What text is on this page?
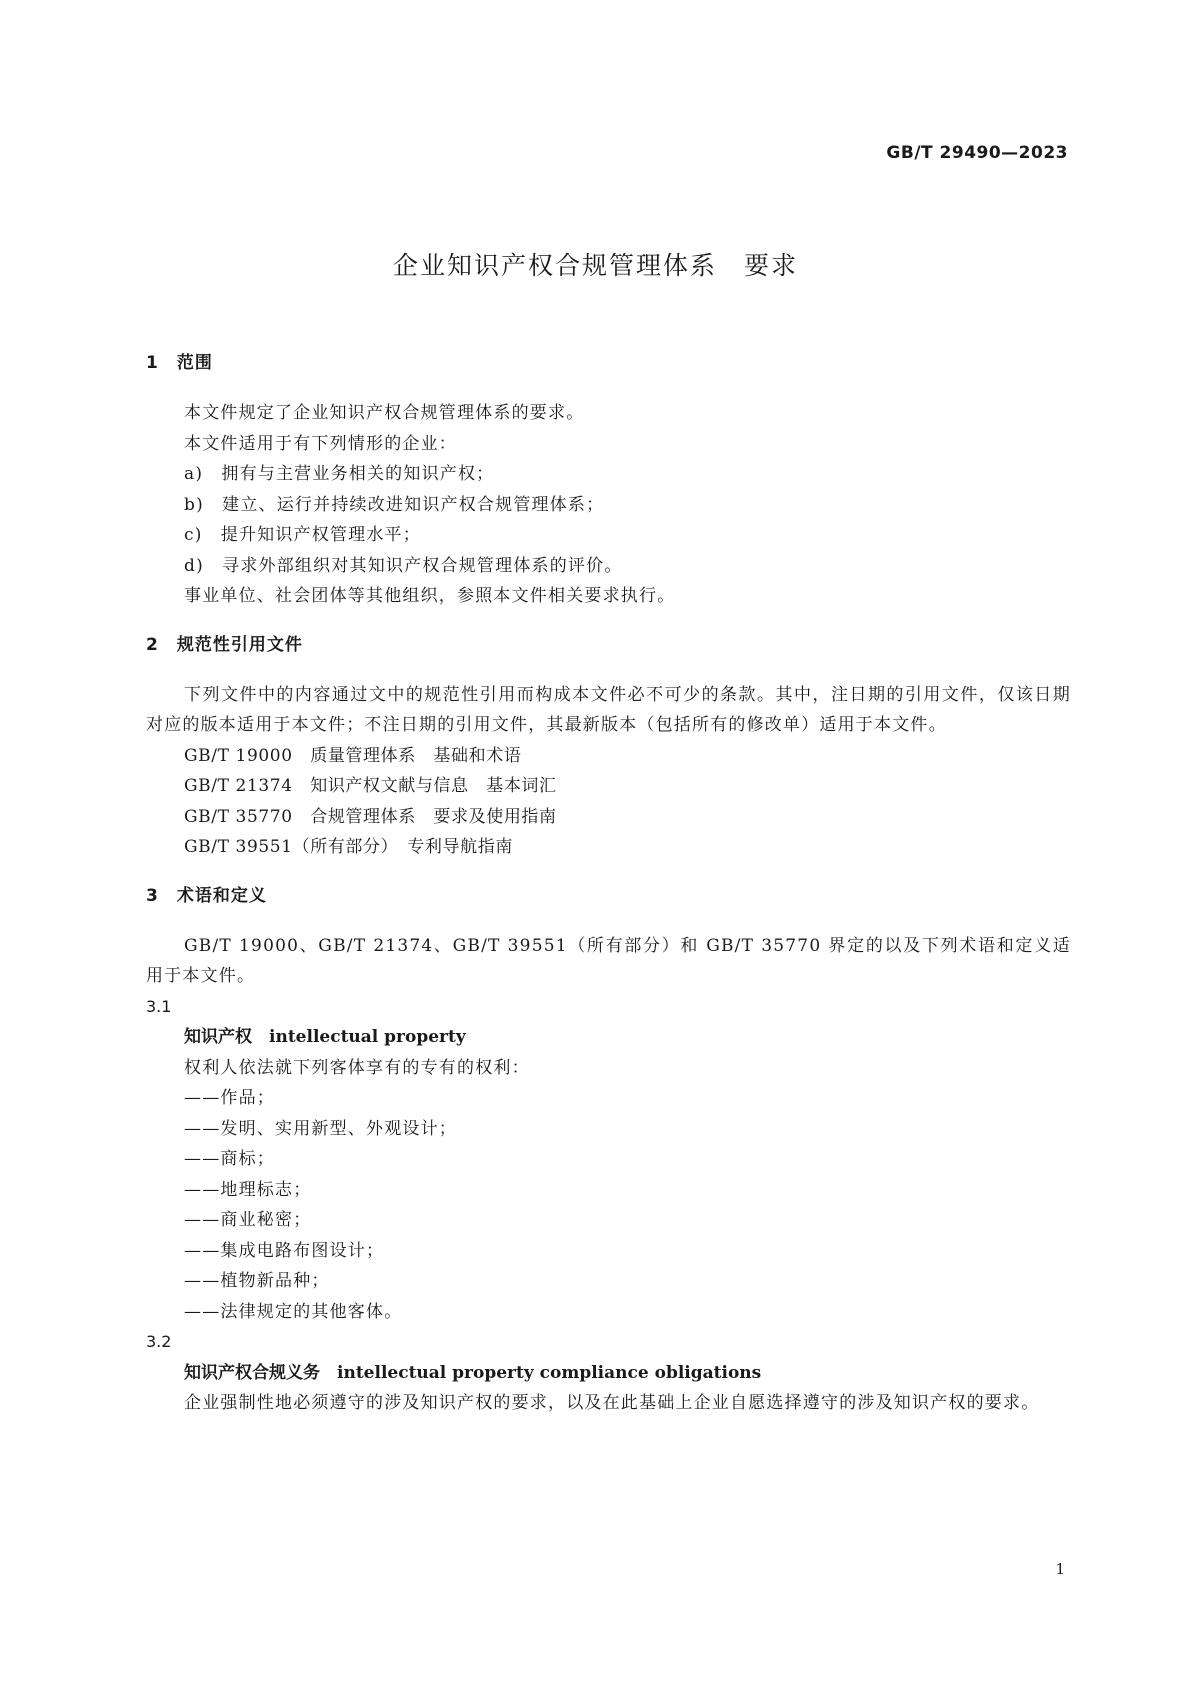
GB/T 29490—2023
企业知识产权合规管理体系　要求
1　范围
本文件规定了企业知识产权合规管理体系的要求。
本文件适用于有下列情形的企业：
a)　拥有与主营业务相关的知识产权；
b)　建立、运行并持续改进知识产权合规管理体系；
c)　提升知识产权管理水平；
d)　寻求外部组织对其知识产权合规管理体系的评价。
事业单位、社会团体等其他组织，参照本文件相关要求执行。
2　规范性引用文件
下列文件中的内容通过文中的规范性引用而构成本文件必不可少的条款。其中，注日期的引用文件，仅该日期对应的版本适用于本文件；不注日期的引用文件，其最新版本（包括所有的修改单）适用于本文件。
GB/T 19000　质量管理体系　基础和术语
GB/T 21374　知识产权文献与信息　基本词汇
GB/T 35770　合规管理体系　要求及使用指南
GB/T 39551（所有部分）　专利导航指南
3　术语和定义
GB/T 19000、GB/T 21374、GB/T 39551（所有部分）和 GB/T 35770 界定的以及下列术语和定义适用于本文件。
3.1
知识产权　 intellectual property
权利人依法就下列客体享有的专有的权利：
——作品；
——发明、实用新型、外观设计；
——商标；
——地理标志；
——商业秘密；
——集成电路布图设计；
——植物新品种；
——法律规定的其他客体。
3.2
知识产权合规义务　 intellectual property compliance obligations
企业强制性地必须遵守的涉及知识产权的要求，以及在此基础上企业自愿选择遵守的涉及知识产权的要求。
1
